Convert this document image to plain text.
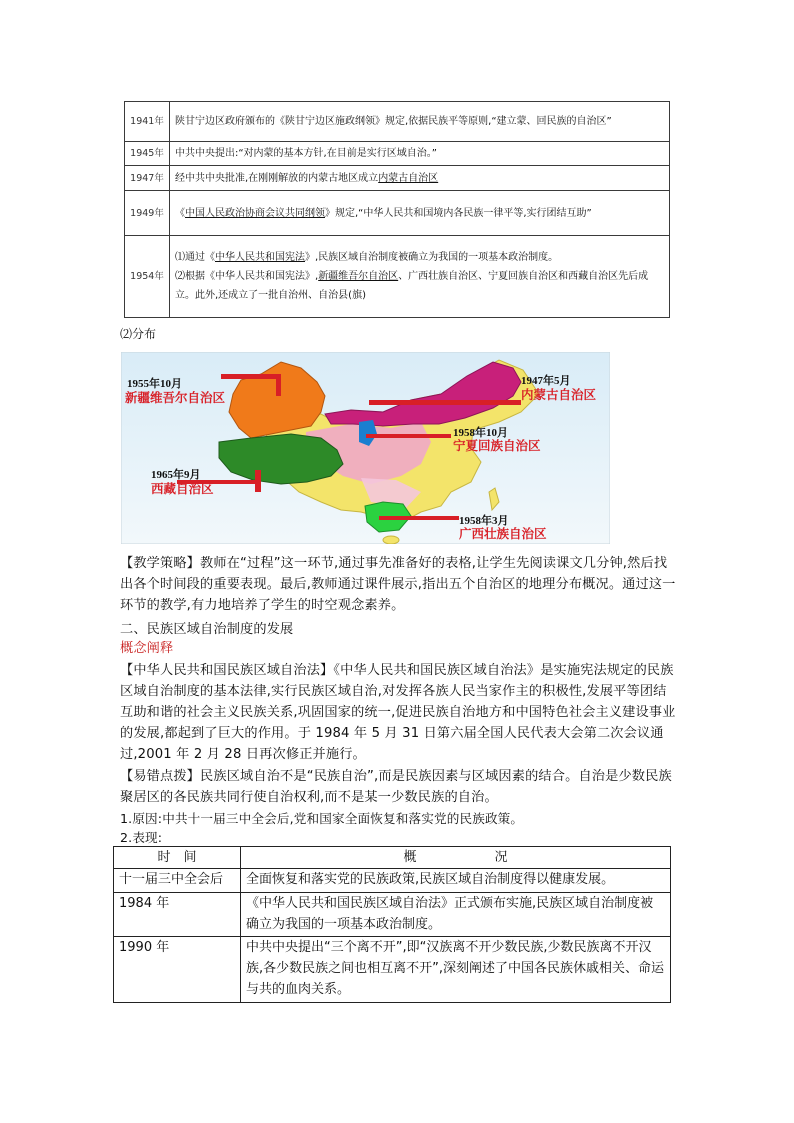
1941年	陕甘宁边区政府颁布的《陕甘宁边区施政纲领》规定,依据民族平等原则,“建立蒙、回民族的自治区”
1945年	中共中央提出:“对内蒙的基本方针,在目前是实行区域自治。”
1947年	经中共中央批准,在刚刚解放的内蒙古地区成立内蒙古自治区
1949年	《中国人民政治协商会议共同纲领》规定,“中华人民共和国境内各民族一律平等,实行团结互助”
1954年	⑴通过《中华人民共和国宪法》,民族区域自治制度被确立为我国的一项基本政治制度。
⑵根据《中华人民共和国宪法》,新疆维吾尔自治区、广西壮族自治区、宁夏回族自治区和西藏自治区先后成立。此外,还成立了一批自治州、自治县(旗)
⑵分布
1955年10月
新疆维吾尔自治区
1947年5月
内蒙古自治区
1958年10月
宁夏回族自治区
1965年9月
西藏自治区
1958年3月
广西壮族自治区
【教学策略】教师在“过程”这一环节,通过事先准备好的表格,让学生先阅读课文几分钟,然后找出各个时间段的重要表现。最后,教师通过课件展示,指出五个自治区的地理分布概况。通过这一环节的教学,有力地培养了学生的时空观念素养。
二、民族区域自治制度的发展
概念阐释
【中华人民共和国民族区域自治法】《中华人民共和国民族区域自治法》是实施宪法规定的民族区域自治制度的基本法律,实行民族区域自治,对发挥各族人民当家作主的积极性,发展平等团结互助和谐的社会主义民族关系,巩固国家的统一,促进民族自治地方和中国特色社会主义建设事业的发展,都起到了巨大的作用。于 1984 年 5 月 31 日第六届全国人民代表大会第二次会议通过,2001 年 2 月 28 日再次修正并施行。
【易错点拨】民族区域自治不是“民族自治”,而是民族因素与区域因素的结合。自治是少数民族聚居区的各民族共同行使自治权利,而不是某一少数民族的自治。
1.原因:中共十一届三中全会后,党和国家全面恢复和落实党的民族政策。
2.表现:
时　间	概　　　　　　况
十一届三中全会后	全面恢复和落实党的民族政策,民族区域自治制度得以健康发展。
1984 年	《中华人民共和国民族区域自治法》正式颁布实施,民族区域自治制度被确立为我国的一项基本政治制度。
1990 年	中共中央提出“三个离不开”,即“汉族离不开少数民族,少数民族离不开汉族,各少数民族之间也相互离不开”,深刻阐述了中国各民族休戚相关、命运与共的血肉关系。
